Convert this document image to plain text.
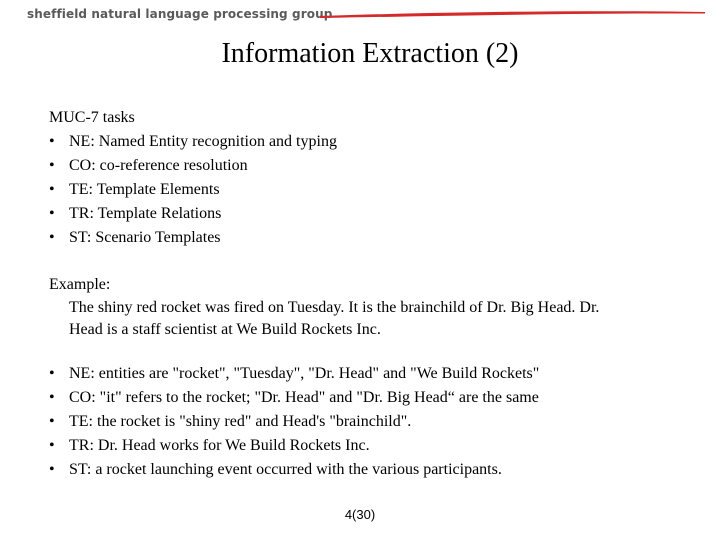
sheffield natural language processing group
Information Extraction (2)
MUC-7 tasks
• NE: Named Entity recognition and typing
• CO: co-reference resolution
• TE: Template Elements
• TR: Template Relations
• ST: Scenario Templates
Example:
The shiny red rocket was fired on Tuesday. It is the brainchild of Dr. Big Head. Dr.
Head is a staff scientist at We Build Rockets Inc.
• NE: entities are "rocket", "Tuesday", "Dr. Head" and "We Build Rockets"
• CO: "it" refers to the rocket; "Dr. Head" and "Dr. Big Head“ are the same
• TE: the rocket is "shiny red" and Head's "brainchild".
• TR: Dr. Head works for We Build Rockets Inc.
• ST: a rocket launching event occurred with the various participants.
4(30)
